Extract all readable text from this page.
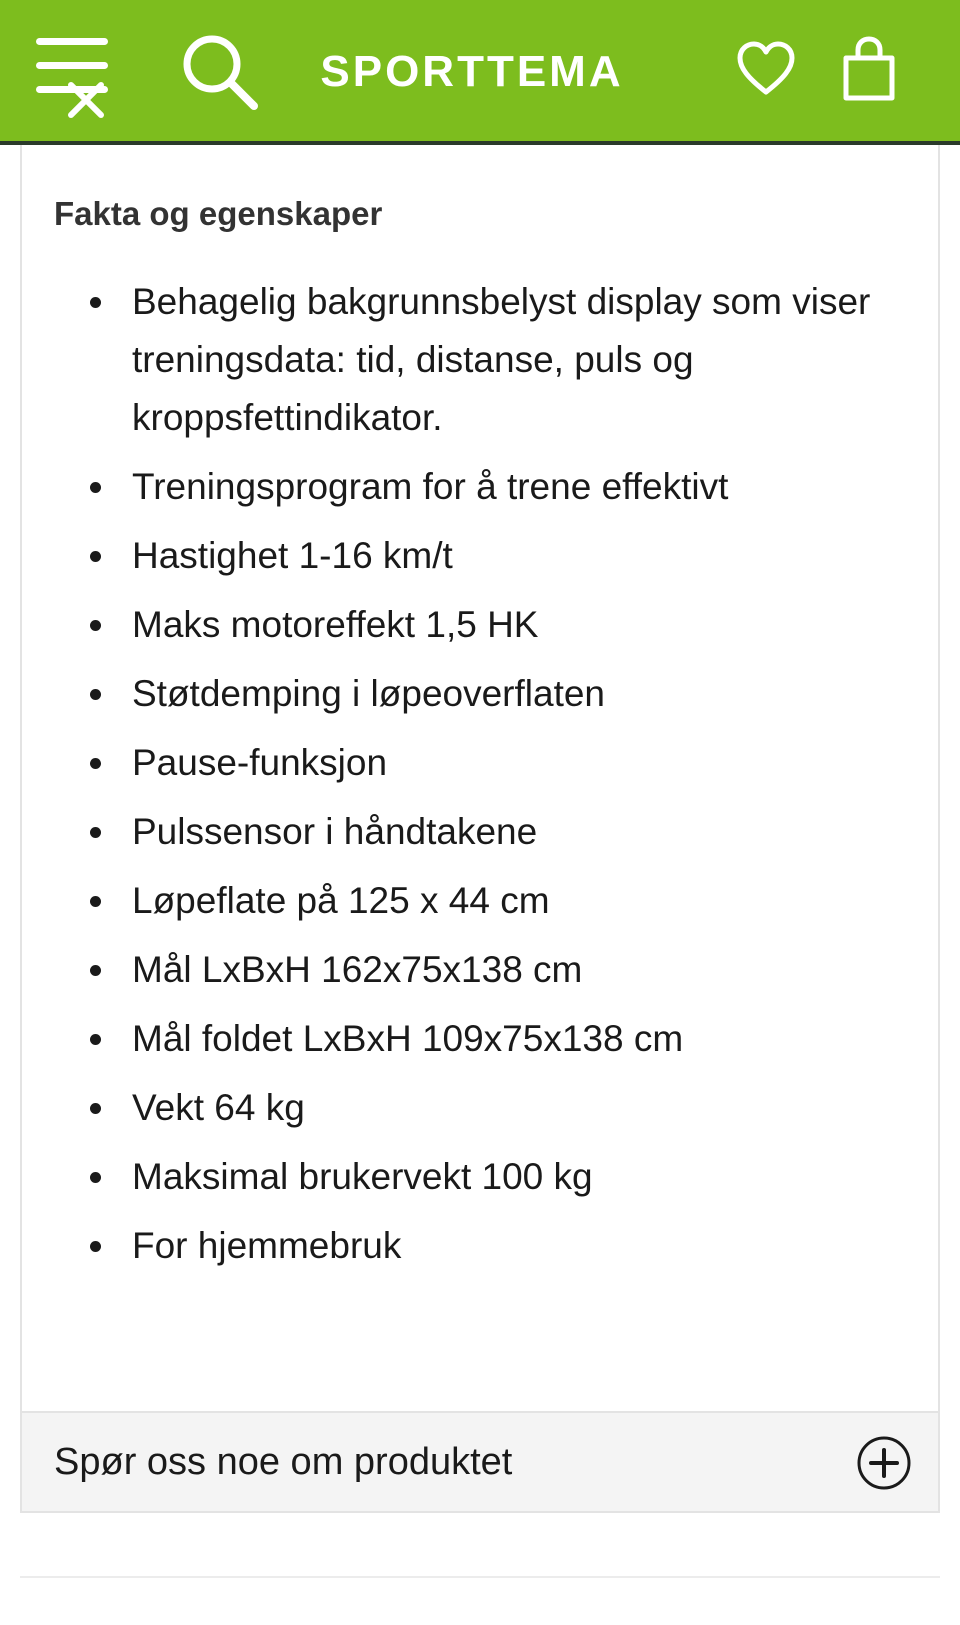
SPORTTEMA
Fakta og egenskaper
Behagelig bakgrunnsbelyst display som viser treningsdata: tid, distanse, puls og kroppsfettindikator.
Treningsprogram for å trene effektivt
Hastighet 1-16 km/t
Maks motoreffekt 1,5 HK
Støtdemping i løpeoverflaten
Pause-funksjon
Pulssensor i håndtakene
Løpeflate på 125 x 44 cm
Mål LxBxH 162x75x138 cm
Mål foldet LxBxH 109x75x138 cm
Vekt 64 kg
Maksimal brukervekt 100 kg
For hjemmebruk
Spør oss noe om produktet
